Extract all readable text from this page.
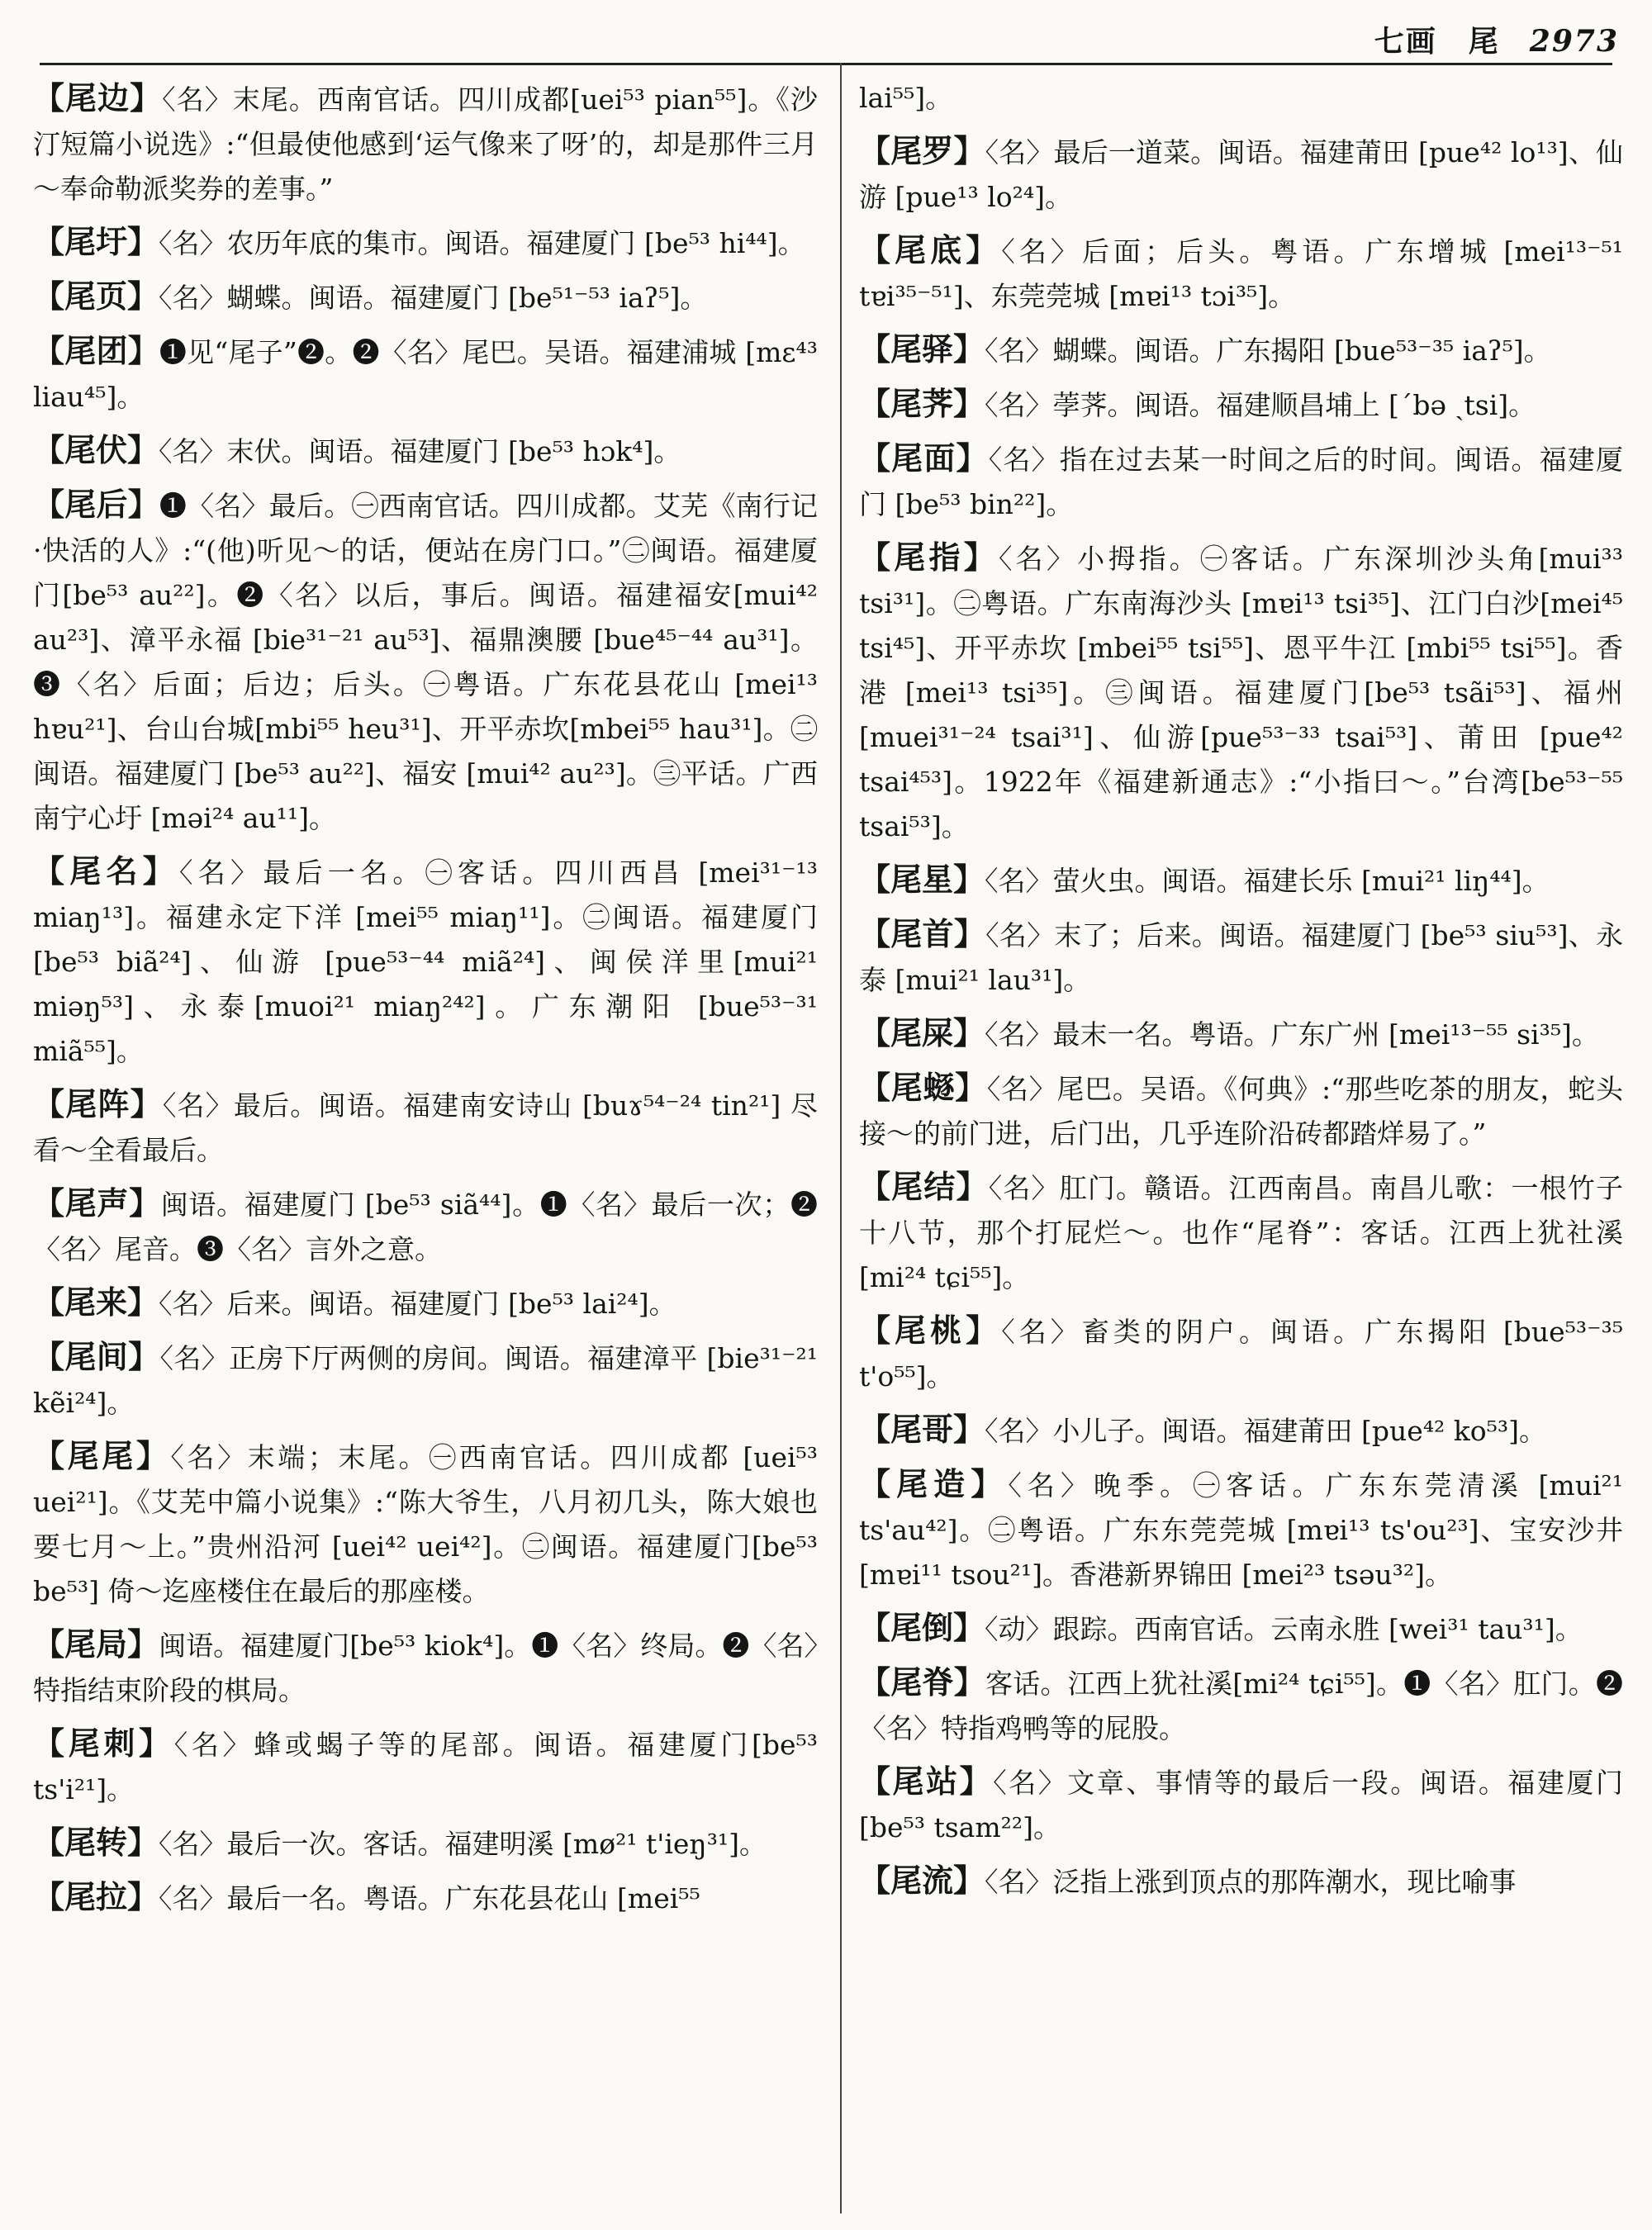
七画　尾 2973
【尾边】〈名〉末尾。西南官话。四川成都[uei⁵³ pian⁵⁵]。《沙汀短篇小说选》:“但最使他感到‘运气像来了呀’的，却是那件三月～奉命勒派奖券的差事。”
【尾圩】〈名〉农历年底的集市。闽语。福建厦门 [be⁵³ hi⁴⁴]。
【尾页】〈名〉蝴蝶。闽语。福建厦门 [be⁵¹⁻⁵³ iaʔ⁵]。
【尾团】❶见“尾子”❷。❷〈名〉尾巴。吴语。福建浦城 [mɛ⁴³ liau⁴⁵]。
【尾伏】〈名〉末伏。闽语。福建厦门 [be⁵³ hɔk⁴]。
【尾后】❶〈名〉最后。㊀西南官话。四川成都。艾芜《南行记·快活的人》:“(他)听见～的话，便站在房门口。”㊁闽语。福建厦门[be⁵³ au²²]。❷〈名〉以后，事后。闽语。福建福安[mui⁴² au²³]、漳平永福 [bie³¹⁻²¹ au⁵³]、福鼎澳腰 [bue⁴⁵⁻⁴⁴ au³¹]。❸〈名〉后面；后边；后头。㊀粤语。广东花县花山 [mei¹³ hɐu²¹]、台山台城[mbi⁵⁵ heu³¹]、开平赤坎[mbei⁵⁵ hau³¹]。㊁闽语。福建厦门 [be⁵³ au²²]、福安 [mui⁴² au²³]。㊂平话。广西南宁心圩 [məi²⁴ au¹¹]。
【尾名】〈名〉最后一名。㊀客话。四川西昌 [mei³¹⁻¹³ miaŋ¹³]。福建永定下洋 [mei⁵⁵ miaŋ¹¹]。㊁闽语。福建厦门 [be⁵³ biã²⁴]、仙游 [pue⁵³⁻⁴⁴ miã²⁴]、闽侯洋里[mui²¹ miəŋ⁵³]、永泰[muoi²¹ miaŋ²⁴²]。广东潮阳 [bue⁵³⁻³¹ miã⁵⁵]。
【尾阵】〈名〉最后。闽语。福建南安诗山 [buɤ⁵⁴⁻²⁴ tin²¹] 尽看～全看最后。
【尾声】闽语。福建厦门 [be⁵³ siã⁴⁴]。❶〈名〉最后一次；❷〈名〉尾音。❸〈名〉言外之意。
【尾来】〈名〉后来。闽语。福建厦门 [be⁵³ lai²⁴]。
【尾间】〈名〉正房下厅两侧的房间。闽语。福建漳平 [bie³¹⁻²¹ kẽi²⁴]。
【尾尾】〈名〉末端；末尾。㊀西南官话。四川成都 [uei⁵³ uei²¹]。《艾芜中篇小说集》:“陈大爷生，八月初几头，陈大娘也要七月～上。”贵州沿河 [uei⁴² uei⁴²]。㊁闽语。福建厦门[be⁵³ be⁵³] 倚～迄座楼住在最后的那座楼。
【尾局】闽语。福建厦门[be⁵³ kiok⁴]。❶〈名〉终局。❷〈名〉特指结束阶段的棋局。
【尾刺】〈名〉蜂或蝎子等的尾部。闽语。福建厦门[be⁵³ ts'i²¹]。
【尾转】〈名〉最后一次。客话。福建明溪 [mø²¹ t'ieŋ³¹]。
【尾拉】〈名〉最后一名。粤语。广东花县花山 [mei⁵⁵
lai⁵⁵]。
【尾罗】〈名〉最后一道菜。闽语。福建莆田 [pue⁴² lo¹³]、仙游 [pue¹³ lo²⁴]。
【尾底】〈名〉后面；后头。粤语。广东增城 [mei¹³⁻⁵¹ tɐi³⁵⁻⁵¹]、东莞莞城 [mɐi¹³ tɔi³⁵]。
【尾驿】〈名〉蝴蝶。闽语。广东揭阳 [bue⁵³⁻³⁵ iaʔ⁵]。
【尾荠】〈名〉荸荠。闽语。福建顺昌埔上 [ˊbə ˏtsi]。
【尾面】〈名〉指在过去某一时间之后的时间。闽语。福建厦门 [be⁵³ bin²²]。
【尾指】〈名〉小拇指。㊀客话。广东深圳沙头角[mui³³ tsi³¹]。㊁粤语。广东南海沙头 [mɐi¹³ tsi³⁵]、江门白沙[mei⁴⁵ tsi⁴⁵]、开平赤坎 [mbei⁵⁵ tsi⁵⁵]、恩平牛江 [mbi⁵⁵ tsi⁵⁵]。香港 [mei¹³ tsi³⁵]。㊂闽语。福建厦门[be⁵³ tsãi⁵³]、福州[muei³¹⁻²⁴ tsai³¹]、仙游[pue⁵³⁻³³ tsai⁵³]、莆田 [pue⁴² tsai⁴⁵³]。1922年《福建新通志》:“小指曰～。”台湾[be⁵³⁻⁵⁵ tsai⁵³]。
【尾星】〈名〉萤火虫。闽语。福建长乐 [mui²¹ liŋ⁴⁴]。
【尾首】〈名〉末了；后来。闽语。福建厦门 [be⁵³ siu⁵³]、永泰 [mui²¹ lau³¹]。
【尾屎】〈名〉最末一名。粤语。广东广州 [mei¹³⁻⁵⁵ si³⁵]。
【尾𧏿】〈名〉尾巴。吴语。《何典》:“那些吃茶的朋友，蛇头接～的前门进，后门出，几乎连阶沿砖都踏烊易了。”
【尾结】〈名〉肛门。赣语。江西南昌。南昌儿歌：一根竹子十八节，那个打屁烂～。也作“尾脊”：客话。江西上犹社溪 [mi²⁴ tɕi⁵⁵]。
【尾桃】〈名〉畜类的阴户。闽语。广东揭阳 [bue⁵³⁻³⁵ t'o⁵⁵]。
【尾哥】〈名〉小儿子。闽语。福建莆田 [pue⁴² ko⁵³]。
【尾造】〈名〉晚季。㊀客话。广东东莞清溪 [mui²¹ ts'au⁴²]。㊁粤语。广东东莞莞城 [mɐi¹³ ts'ou²³]、宝安沙井 [mɐi¹¹ tsou²¹]。香港新界锦田 [mei²³ tsəu³²]。
【尾倒】〈动〉跟踪。西南官话。云南永胜 [wei³¹ tau³¹]。
【尾脊】客话。江西上犹社溪[mi²⁴ tɕi⁵⁵]。❶〈名〉肛门。❷〈名〉特指鸡鸭等的屁股。
【尾站】〈名〉文章、事情等的最后一段。闽语。福建厦门 [be⁵³ tsam²²]。
【尾流】〈名〉泛指上涨到顶点的那阵潮水，现比喻事
